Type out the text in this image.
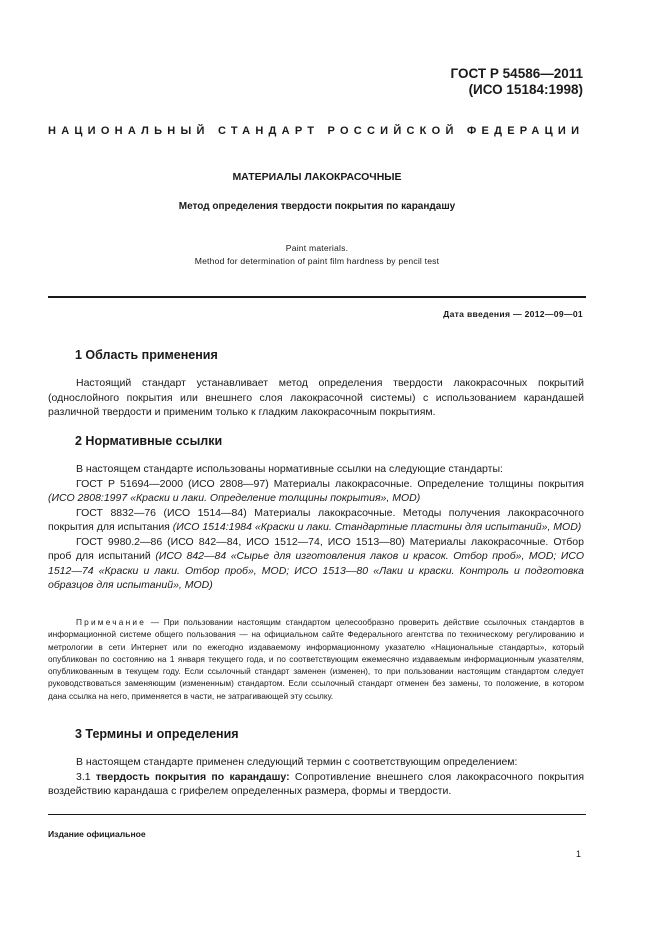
ГОСТ Р 54586—2011
(ИСО 15184:1998)
НАЦИОНАЛЬНЫЙ СТАНДАРТ РОССИЙСКОЙ ФЕДЕРАЦИИ
МАТЕРИАЛЫ ЛАКОКРАСОЧНЫЕ
Метод определения твердости покрытия по карандашу
Paint materials.
Method for determination of paint film hardness by pencil test
Дата введения — 2012—09—01
1 Область применения

Настоящий стандарт устанавливает метод определения твердости лакокрасочных покрытий (однослойного покрытия или внешнего слоя лакокрасочной системы) с использованием карандашей различной твердости и применим только к гладким лакокрасочным покрытиям.

2 Нормативные ссылки

В настоящем стандарте использованы нормативные ссылки на следующие стандарты:

ГОСТ Р 51694—2000 (ИСО 2808—97) Материалы лакокрасочные. Определение толщины покрытия (ИСО 2808:1997 «Краски и лаки. Определение толщины покрытия», MOD)

ГОСТ 8832—76 (ИСО 1514—84) Материалы лакокрасочные. Методы получения лакокрасочного покрытия для испытания (ИСО 1514:1984 «Краски и лаки. Стандартные пластины для испытаний», MOD)

ГОСТ 9980.2—86 (ИСО 842—84, ИСО 1512—74, ИСО 1513—80) Материалы лакокрасочные. Отбор проб для испытаний (ИСО 842—84 «Сырье для изготовления лаков и красок. Отбор проб», MOD; ИСО 1512—74 «Краски и лаки. Отбор проб», MOD; ИСО 1513—80 «Лаки и краски. Контроль и подготовка образцов для испытаний», MOD)

Примечание — При пользовании настоящим стандартом целесообразно проверить действие ссылочных стандартов в информационной системе общего пользования — на официальном сайте Федерального агентства по техническому регулированию и метрологии в сети Интернет или по ежегодно издаваемому информационному указателю «Национальные стандарты», который опубликован по состоянию на 1 января текущего года, и по соответствующим ежемесячно издаваемым информационным указателям, опубликованным в текущем году. Если ссылочный стандарт заменен (изменен), то при пользовании настоящим стандартом следует руководствоваться заменяющим (измененным) стандартом. Если ссылочный стандарт отменен без замены, то положение, в котором дана ссылка на него, применяется в части, не затрагивающей эту ссылку.

3 Термины и определения

В настоящем стандарте применен следующий термин с соответствующим определением:

3.1 твердость покрытия по карандашу: Сопротивление внешнего слоя лакокрасочного покрытия воздействию карандаша с грифелем определенных размера, формы и твердости.

Издание официальное
1
